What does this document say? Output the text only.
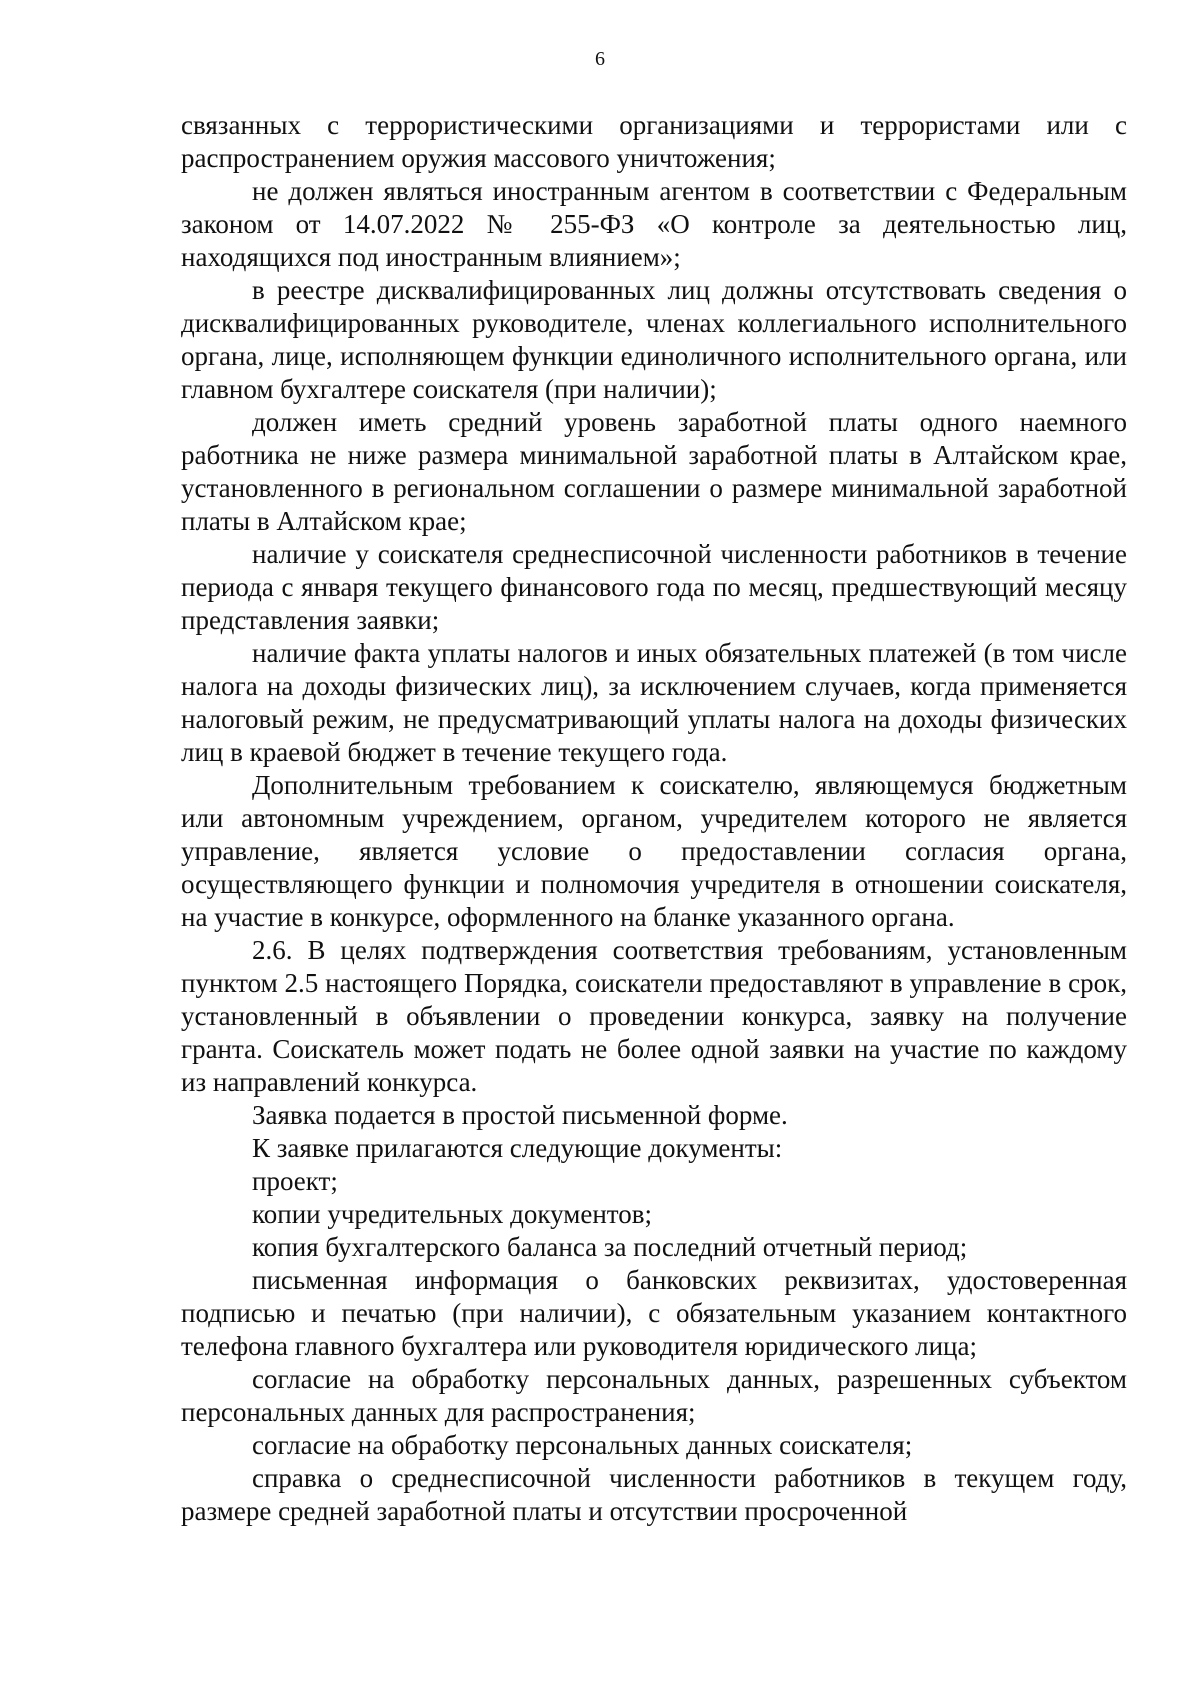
6

связанных с террористическими организациями и террористами или с распространением оружия массового уничтожения;

не должен являться иностранным агентом в соответствии с Федеральным законом от 14.07.2022 № 255-ФЗ «О контроле за деятельностью лиц, находящихся под иностранным влиянием»;

в реестре дисквалифицированных лиц должны отсутствовать сведения о дисквалифицированных руководителе, членах коллегиального исполнительного органа, лице, исполняющем функции единоличного исполнительного органа, или главном бухгалтере соискателя (при наличии);

должен иметь средний уровень заработной платы одного наемного работника не ниже размера минимальной заработной платы в Алтайском крае, установленного в региональном соглашении о размере минимальной заработной платы в Алтайском крае;

наличие у соискателя среднесписочной численности работников в течение периода с января текущего финансового года по месяц, предшествующий месяцу представления заявки;

наличие факта уплаты налогов и иных обязательных платежей (в том числе налога на доходы физических лиц), за исключением случаев, когда применяется налоговый режим, не предусматривающий уплаты налога на доходы физических лиц в краевой бюджет в течение текущего года.

Дополнительным требованием к соискателю, являющемуся бюджетным или автономным учреждением, органом, учредителем которого не является управление, является условие о предоставлении согласия органа, осуществляющего функции и полномочия учредителя в отношении соискателя, на участие в конкурсе, оформленного на бланке указанного органа.

2.6. В целях подтверждения соответствия требованиям, установленным пунктом 2.5 настоящего Порядка, соискатели предоставляют в управление в срок, установленный в объявлении о проведении конкурса, заявку на получение гранта. Соискатель может подать не более одной заявки на участие по каждому из направлений конкурса.

Заявка подается в простой письменной форме.

К заявке прилагаются следующие документы:

проект;

копии учредительных документов;

копия бухгалтерского баланса за последний отчетный период;

письменная информация о банковских реквизитах, удостоверенная подписью и печатью (при наличии), с обязательным указанием контактного телефона главного бухгалтера или руководителя юридического лица;

согласие на обработку персональных данных, разрешенных субъектом персональных данных для распространения;

согласие на обработку персональных данных соискателя;

справка о среднесписочной численности работников в текущем году, размере средней заработной платы и отсутствии просроченной
